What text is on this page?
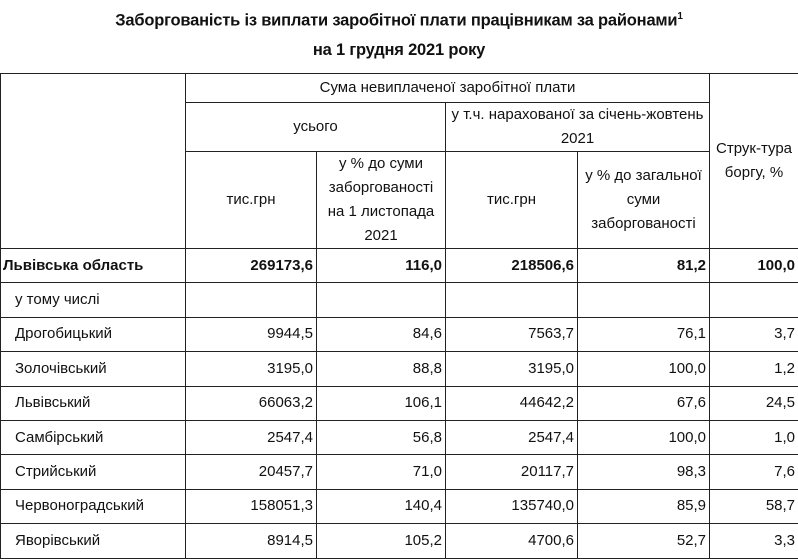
Заборгованість із виплати заробітної плати працівникам за районами$^1$
на 1 грудня 2021 року
	Сума невиплаченої заробітної плати				Струк-тура боргу, %
	усього		у т.ч. нарахованої за січень-жовтень 2021		
	тис.грн	у % до суми заборгованості на 1 листопада 2021	тис.грн	у % до загальної суми заборгованості	
Львівська область	269173,6	116,0	218506,6	81,2	100,0
у тому числі					
Дрогобицький	9944,5	84,6	7563,7	76,1	3,7
Золочівський	3195,0	88,8	3195,0	100,0	1,2
Львівський	66063,2	106,1	44642,2	67,6	24,5
Самбірський	2547,4	56,8	2547,4	100,0	1,0
Стрийський	20457,7	71,0	20117,7	98,3	7,6
Червоноградський	158051,3	140,4	135740,0	85,9	58,7
Яворівський	8914,5	105,2	4700,6	52,7	3,3
